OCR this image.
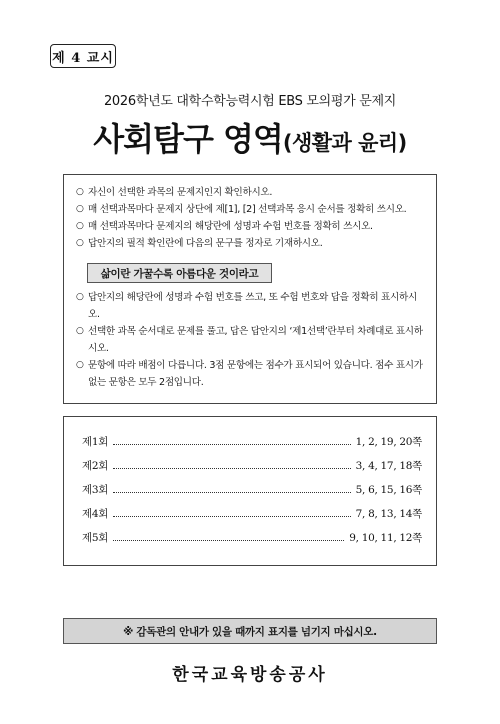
제 4 교시
2026학년도 대학수학능력시험 EBS 모의평가 문제지
사회탐구 영역(생활과 윤리)
○ 자신이 선택한 과목의 문제지인지 확인하시오.
○ 매 선택과목마다 문제지 상단에 제[1], [2] 선택과목 응시 순서를 정확히 쓰시오.
○ 매 선택과목마다 문제지의 해당란에 성명과 수험 번호를 정확히 쓰시오.
○ 답안지의 필적 확인란에 다음의 문구를 정자로 기재하시오.
삶이란 가꿀수록 아름다운 것이라고
○ 답안지의 해당란에 성명과 수험 번호를 쓰고, 또 수험 번호와 답을 정확히 표시하시오.
○ 선택한 과목 순서대로 문제를 풀고, 답은 답안지의 ‘제1선택’란부터 차례대로 표시하시오.
○ 문항에 따라 배점이 다릅니다. 3점 문항에는 점수가 표시되어 있습니다. 점수 표시가 없는 문항은 모두 2점입니다.
제1회	1, 2, 19, 20쪽
제2회	3, 4, 17, 18쪽
제3회	5, 6, 15, 16쪽
제4회	7, 8, 13, 14쪽
제5회	9, 10, 11, 12쪽
※ 감독관의 안내가 있을 때까지 표지를 넘기지 마십시오.
한국교육방송공사
